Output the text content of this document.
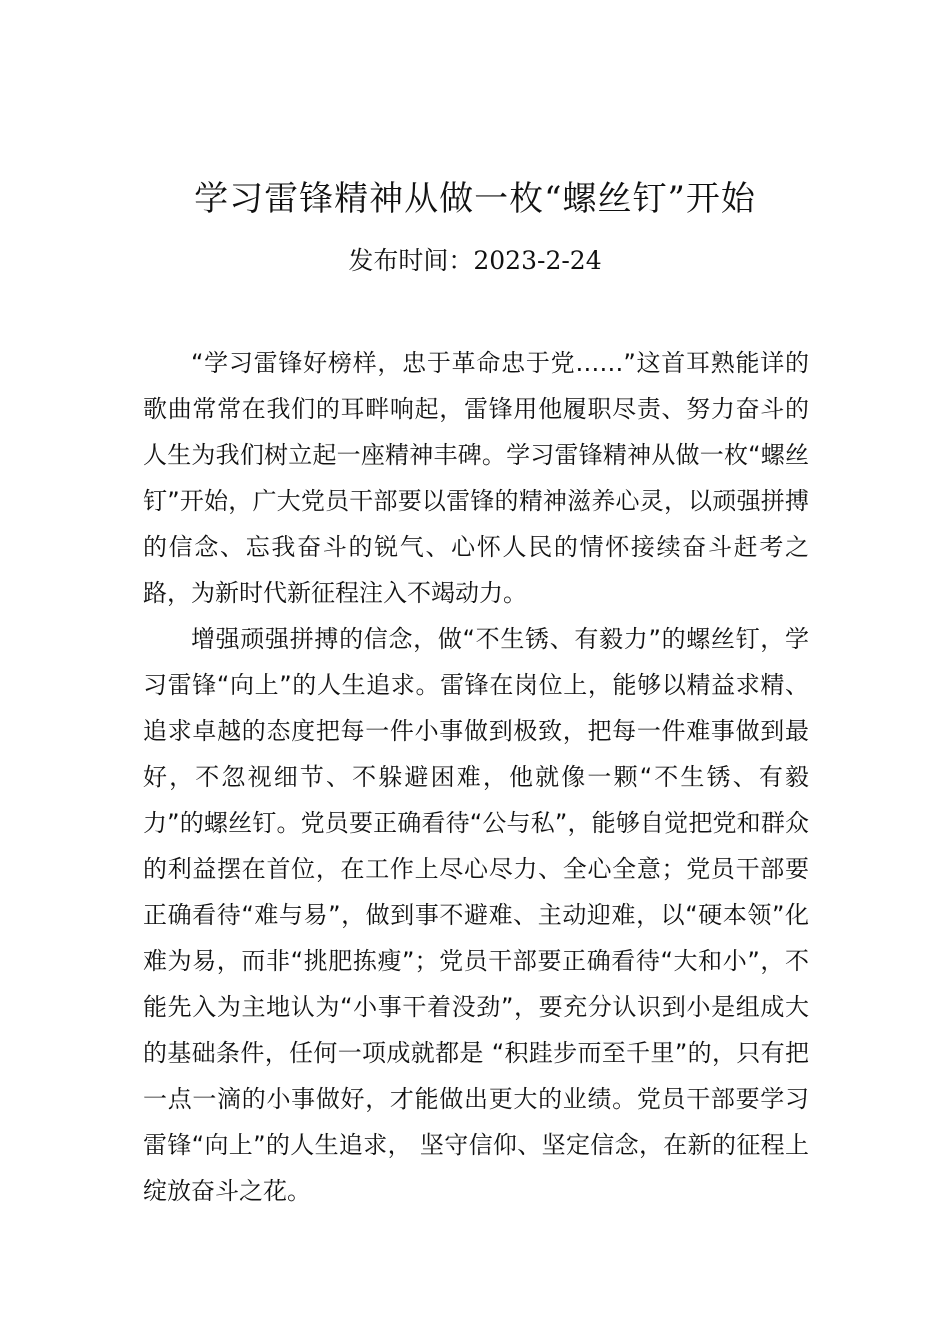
学习雷锋精神从做一枚“螺丝钉”开始
发布时间：2023-2-24

“学习雷锋好榜样，忠于革命忠于党……”这首耳熟能详的歌曲常常在我们的耳畔响起，雷锋用他履职尽责、努力奋斗的人生为我们树立起一座精神丰碑。学习雷锋精神从做一枚“螺丝钉”开始，广大党员干部要以雷锋的精神滋养心灵，以顽强拼搏的信念、忘我奋斗的锐气、心怀人民的情怀接续奋斗赶考之路，为新时代新征程注入不竭动力。

增强顽强拼搏的信念，做“不生锈、有毅力”的螺丝钉，学习雷锋“向上”的人生追求。雷锋在岗位上，能够以精益求精、追求卓越的态度把每一件小事做到极致，把每一件难事做到最好，不忽视细节、不躲避困难，他就像一颗“不生锈、有毅力”的螺丝钉。党员要正确看待“公与私”，能够自觉把党和群众的利益摆在首位，在工作上尽心尽力、全心全意；党员干部要正确看待“难与易”，做到事不避难、主动迎难，以“硬本领”化难为易，而非“挑肥拣瘦”；党员干部要正确看待“大和小”，不能先入为主地认为“小事干着没劲”，要充分认识到小是组成大的基础条件，任何一项成就都是 “积跬步而至千里”的，只有把一点一滴的小事做好，才能做出更大的业绩。党员干部要学习雷锋“向上”的人生追求， 坚守信仰、坚定信念，在新的征程上绽放奋斗之花。
